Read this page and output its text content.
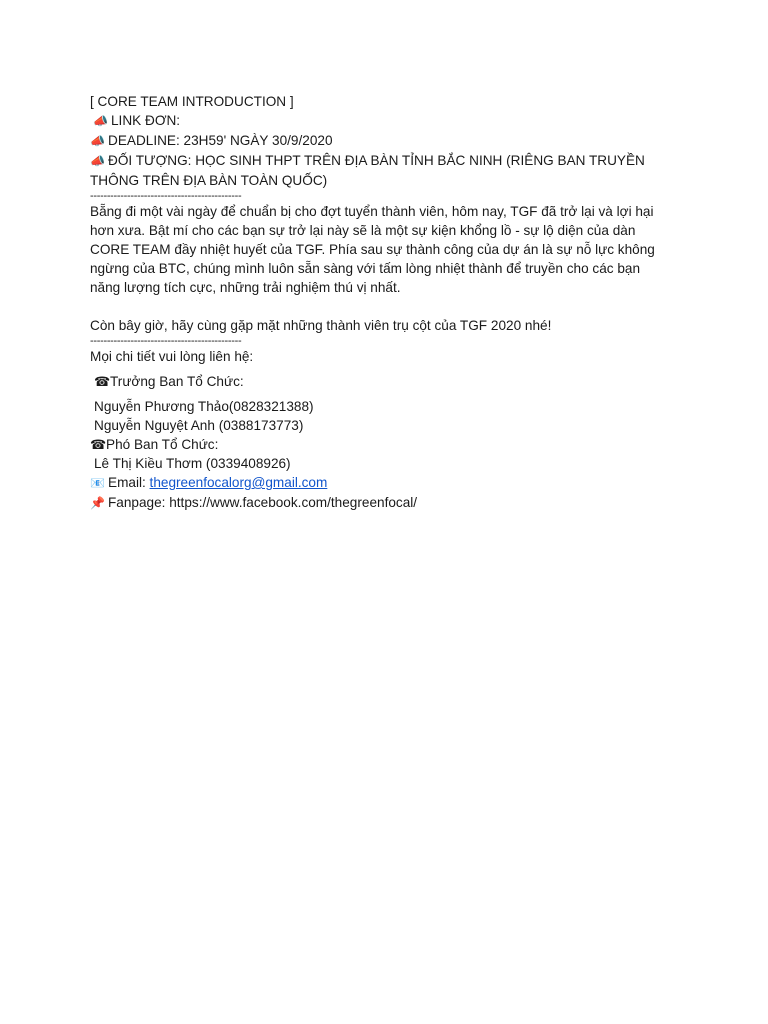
[ CORE TEAM INTRODUCTION ]
📣 LINK ĐƠN:
📣 DEADLINE: 23H59' NGÀY 30/9/2020
📣 ĐỐI TƯỢNG: HỌC SINH THPT TRÊN ĐỊA BÀN TỈNH BẮC NINH (RIÊNG BAN TRUYỀN THÔNG TRÊN ĐỊA BÀN TOÀN QUỐC)
---------------------------------------------
Bẵng đi một vài ngày để chuẩn bị cho đợt tuyển thành viên, hôm nay, TGF đã trở lại và lợi hại hơn xưa. Bật mí cho các bạn sự trở lại này sẽ là một sự kiện khổng lồ - sự lộ diện của dàn CORE TEAM đầy nhiệt huyết của TGF. Phía sau sự thành công của dự án là sự nỗ lực không ngừng của BTC, chúng mình luôn sẵn sàng với tấm lòng nhiệt thành để truyền cho các bạn năng lượng tích cực, những trải nghiệm thú vị nhất.
Còn bây giờ, hãy cùng gặp mặt những thành viên trụ cột của TGF 2020 nhé!
---------------------------------------------
Mọi chi tiết vui lòng liên hệ:
☎Trưởng Ban Tổ Chức:
Nguyễn Phương Thảo(0828321388)
Nguyễn Nguyệt Anh (0388173773)
☎Phó Ban Tổ Chức:
Lê Thị Kiều Thơm (0339408926)
📧 Email: thegreenfocalorg@gmail.com
📌 Fanpage: https://www.facebook.com/thegreenfocal/
